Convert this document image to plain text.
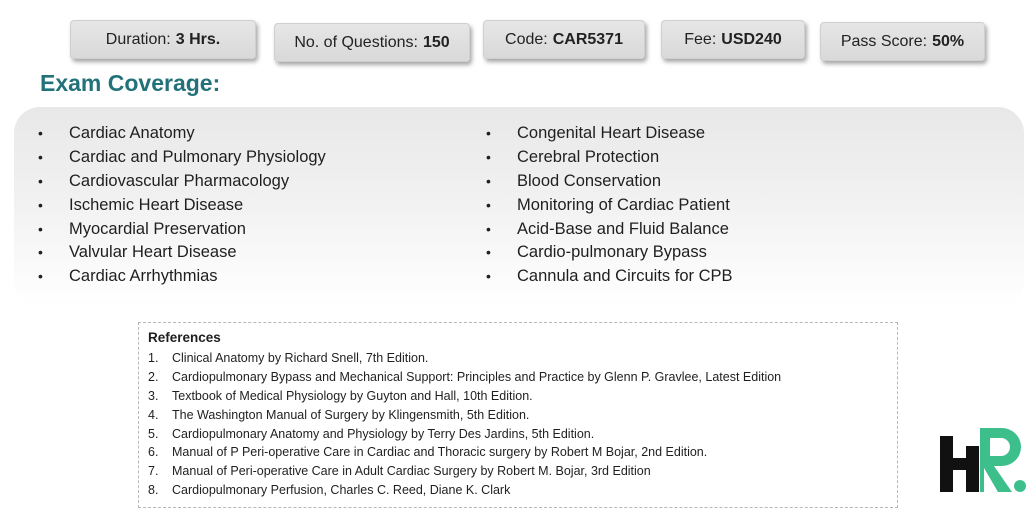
Duration: 3 Hrs.	No. of Questions: 150	Code: CAR5371	Fee: USD240	Pass Score: 50%
Exam Coverage:
• Cardiac Anatomy
• Cardiac and Pulmonary Physiology
• Cardiovascular Pharmacology
• Ischemic Heart Disease
• Myocardial Preservation
• Valvular Heart Disease
• Cardiac Arrhythmias
• Congenital Heart Disease
• Cerebral Protection
• Blood Conservation
• Monitoring of Cardiac Patient
• Acid-Base and Fluid Balance
• Cardio-pulmonary Bypass
• Cannula and Circuits for CPB
References
1. Clinical Anatomy by Richard Snell, 7th Edition.
2. Cardiopulmonary Bypass and Mechanical Support: Principles and Practice by Glenn P. Gravlee, Latest Edition
3. Textbook of Medical Physiology by Guyton and Hall, 10th Edition.
4. The Washington Manual of Surgery by Klingensmith, 5th Edition.
5. Cardiopulmonary Anatomy and Physiology by Terry Des Jardins, 5th Edition.
6. Manual of P Peri-operative Care in Cardiac and Thoracic surgery by Robert M Bojar, 2nd Edition.
7. Manual of Peri-operative Care in Adult Cardiac Surgery by Robert M. Bojar, 3rd Edition
8. Cardiopulmonary Perfusion, Charles C. Reed, Diane K. Clark
